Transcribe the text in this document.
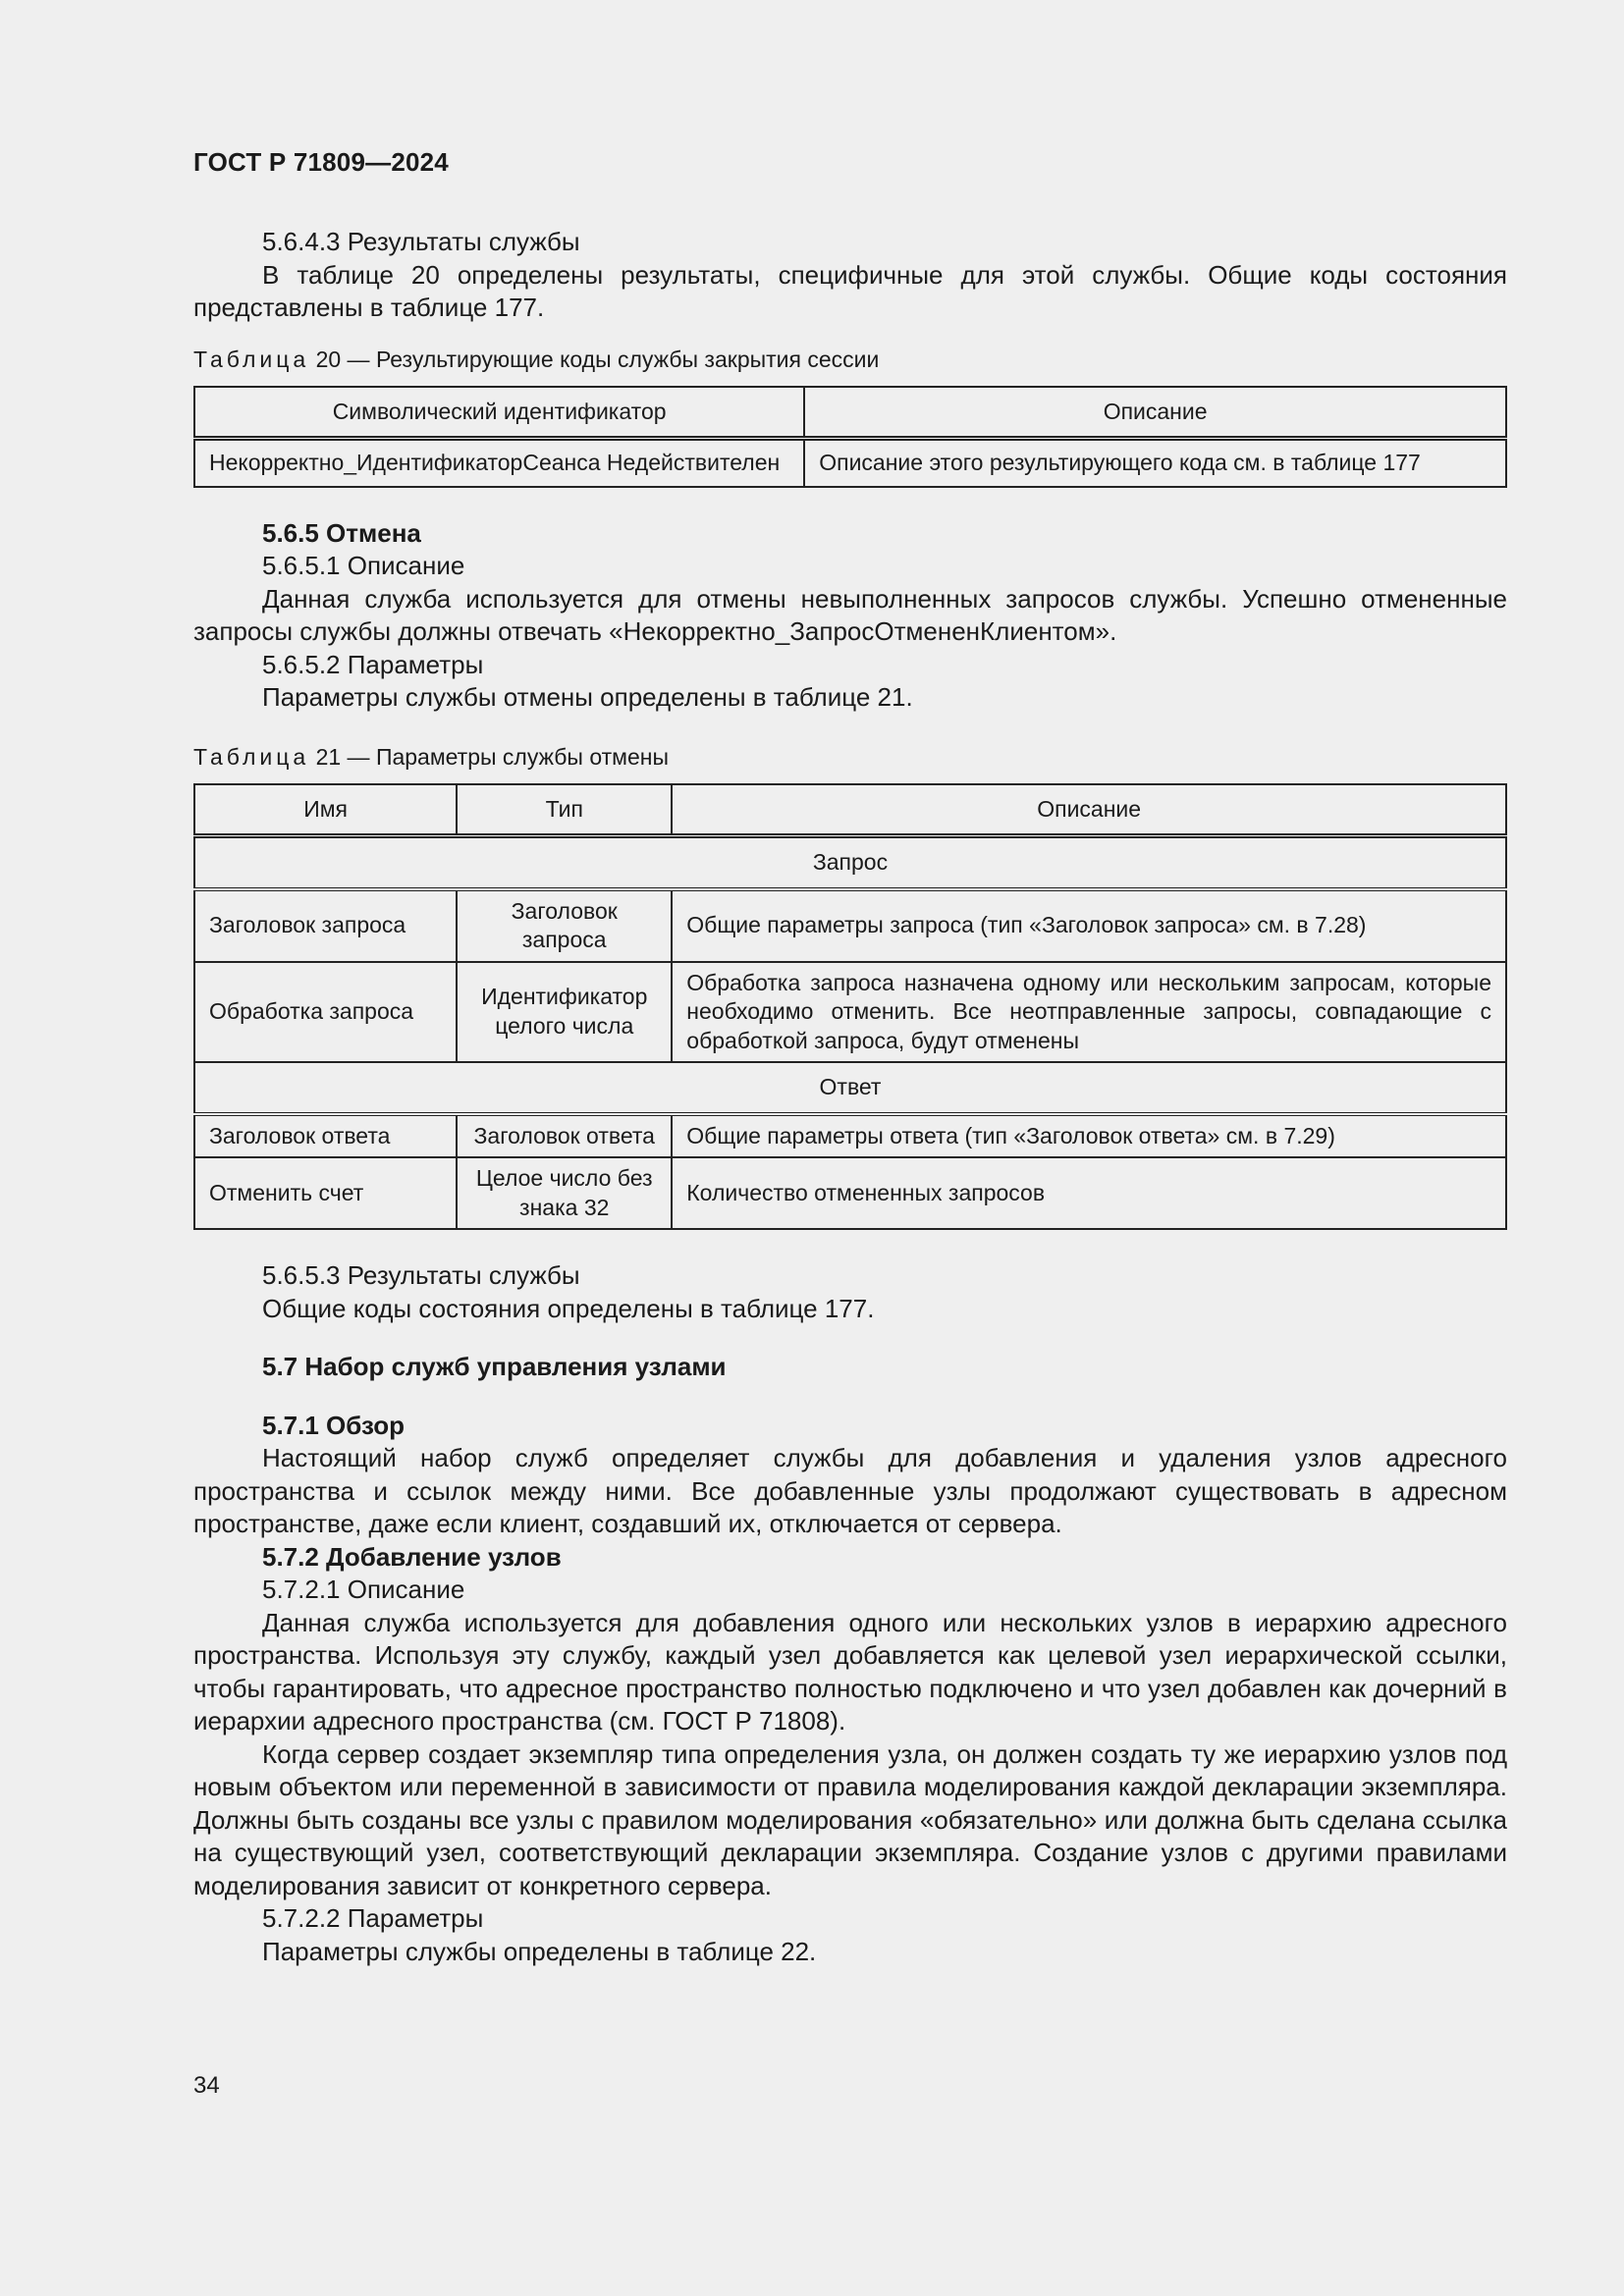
ГОСТ Р 71809—2024

5.6.4.3 Результаты службы

В таблице 20 определены результаты, специфичные для этой службы. Общие коды состояния представлены в таблице 177.

Таблица 20 — Результирующие коды службы закрытия сессии

Символический идентификатор	Описание
Некорректно_ИдентификаторСеанса Недействителен	Описание этого результирующего кода см. в таблице 177

5.6.5 Отмена

5.6.5.1 Описание

Данная служба используется для отмены невыполненных запросов службы. Успешно отмененные запросы службы должны отвечать «Некорректно_ЗапросОтмененКлиентом».

5.6.5.2 Параметры

Параметры службы отмены определены в таблице 21.

Таблица 21 — Параметры службы отмены

Имя	Тип	Описание
Запрос		
Заголовок запроса	Заголовок запроса	Общие параметры запроса (тип «Заголовок запроса» см. в 7.28)
Обработка запроса	Идентификатор целого числа	Обработка запроса назначена одному или нескольким запросам, которые необходимо отменить. Все неотправленные запросы, совпадающие с обработкой запроса, будут отменены
Ответ		
Заголовок ответа	Заголовок ответа	Общие параметры ответа (тип «Заголовок ответа» см. в 7.29)
Отменить счет	Целое число без знака 32	Количество отмененных запросов

5.6.5.3 Результаты службы

Общие коды состояния определены в таблице 177.

5.7 Набор служб управления узлами

5.7.1 Обзор

Настоящий набор служб определяет службы для добавления и удаления узлов адресного пространства и ссылок между ними. Все добавленные узлы продолжают существовать в адресном пространстве, даже если клиент, создавший их, отключается от сервера.

5.7.2 Добавление узлов

5.7.2.1 Описание

Данная служба используется для добавления одного или нескольких узлов в иерархию адресного пространства. Используя эту службу, каждый узел добавляется как целевой узел иерархической ссылки, чтобы гарантировать, что адресное пространство полностью подключено и что узел добавлен как дочерний в иерархии адресного пространства (см. ГОСТ Р 71808).

Когда сервер создает экземпляр типа определения узла, он должен создать ту же иерархию узлов под новым объектом или переменной в зависимости от правила моделирования каждой декларации экземпляра. Должны быть созданы все узлы с правилом моделирования «обязательно» или должна быть сделана ссылка на существующий узел, соответствующий декларации экземпляра. Создание узлов с другими правилами моделирования зависит от конкретного сервера.

5.7.2.2 Параметры

Параметры службы определены в таблице 22.

34
